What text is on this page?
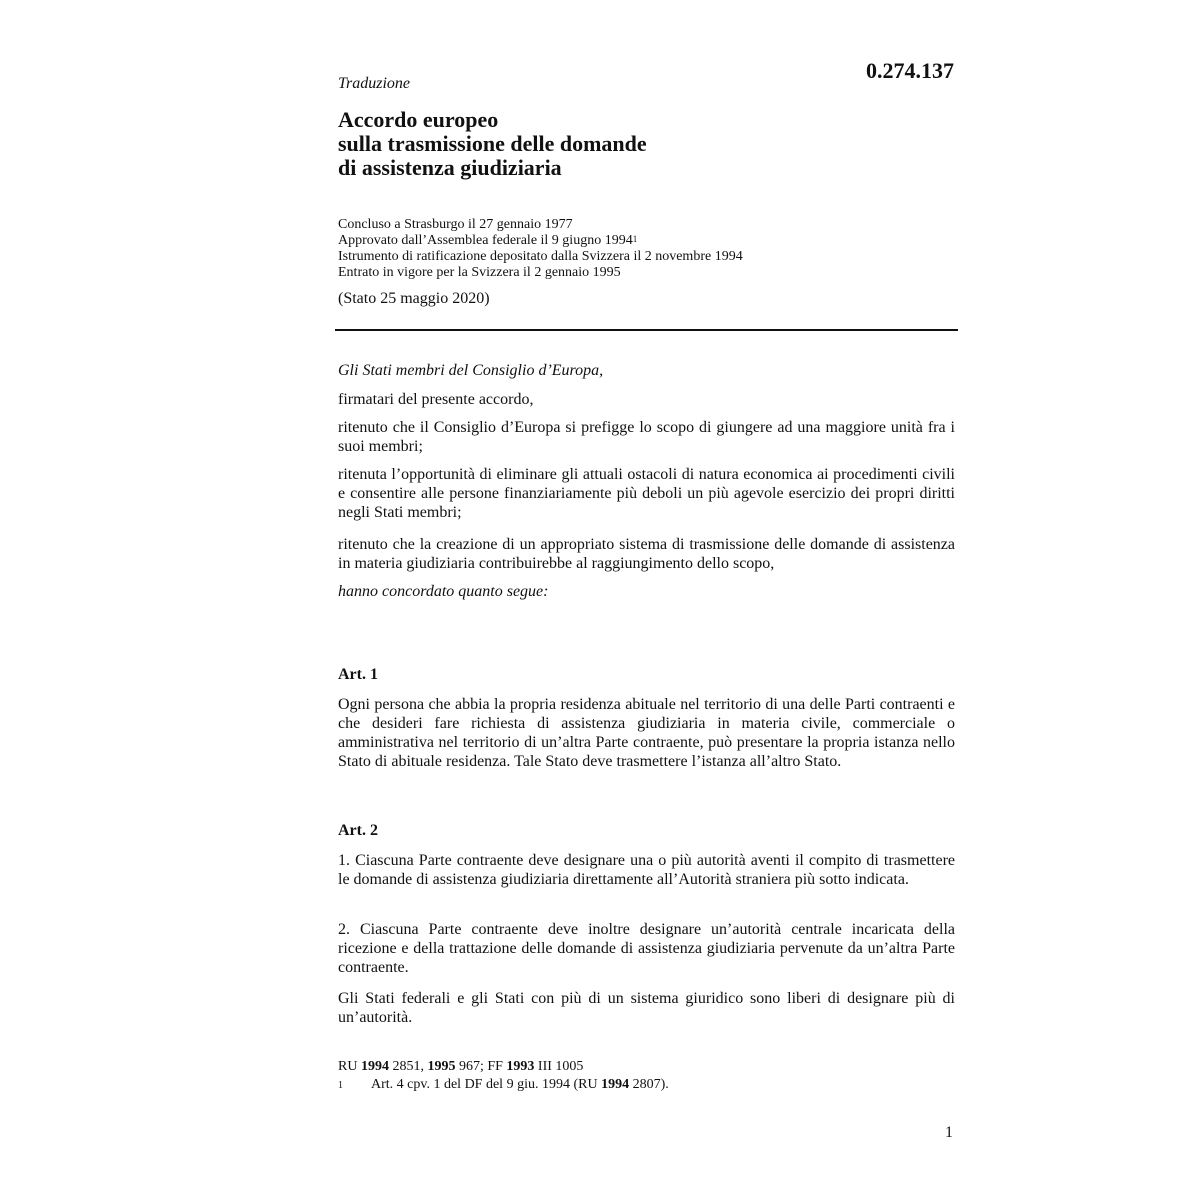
0.274.137
Traduzione
Accordo europeo
sulla trasmissione delle domande
di assistenza giudiziaria
Concluso a Strasburgo il 27 gennaio 1977
Approvato dall’Assemblea federale il 9 giugno 1994$^1$
Istrumento di ratificazione depositato dalla Svizzera il 2 novembre 1994
Entrato in vigore per la Svizzera il 2 gennaio 1995
(Stato 25 maggio 2020)
Gli Stati membri del Consiglio d’Europa,
firmatari del presente accordo,
ritenuto che il Consiglio d’Europa si prefigge lo scopo di giungere ad una maggiore unità fra i suoi membri;
ritenuta l’opportunità di eliminare gli attuali ostacoli di natura economica ai procedimenti civili e consentire alle persone finanziariamente più deboli un più agevole esercizio dei propri diritti negli Stati membri;
ritenuto che la creazione di un appropriato sistema di trasmissione delle domande di assistenza in materia giudiziaria contribuirebbe al raggiungimento dello scopo,
hanno concordato quanto segue:
Art. 1
Ogni persona che abbia la propria residenza abituale nel territorio di una delle Parti contraenti e che desideri fare richiesta di assistenza giudiziaria in materia civile, commerciale o amministrativa nel territorio di un’altra Parte contraente, può presentare la propria istanza nello Stato di abituale residenza. Tale Stato deve trasmettere l’istanza all’altro Stato.
Art. 2
1. Ciascuna Parte contraente deve designare una o più autorità aventi il compito di trasmettere le domande di assistenza giudiziaria direttamente all’Autorità straniera più sotto indicata.
2. Ciascuna Parte contraente deve inoltre designare un’autorità centrale incaricata della ricezione e della trattazione delle domande di assistenza giudiziaria pervenute da un’altra Parte contraente.
Gli Stati federali e gli Stati con più di un sistema giuridico sono liberi di designare più di un’autorità.
RU 1994 2851, 1995 967; FF 1993 III 1005
1	Art. 4 cpv. 1 del DF del 9 giu. 1994 (RU 1994 2807).
1
